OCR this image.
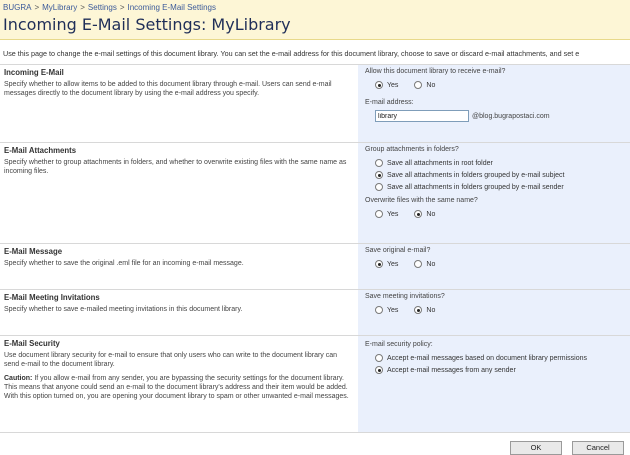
BUGRA > MyLibrary > Settings > Incoming E-Mail Settings
Incoming E-Mail Settings: MyLibrary
Use this page to change the e-mail settings of this document library. You can set the e-mail address for this document library, choose to save or discard e-mail attachments, and set e
Incoming E-Mail
Specify whether to allow items to be added to this document library through e-mail. Users can send e-mail messages directly to the document library by using the e-mail address you specify.
Allow this document library to receive e-mail?
Yes	No
E-mail address:
library
@blog.bugrapostaci.com
E-Mail Attachments
Specify whether to group attachments in folders, and whether to overwrite existing files with the same name as incoming files.
Group attachments in folders?
Save all attachments in root folder
Save all attachments in folders grouped by e-mail subject
Save all attachments in folders grouped by e-mail sender
Overwrite files with the same name?
Yes	No
E-Mail Message
Specify whether to save the original .eml file for an incoming e-mail message.
Save original e-mail?
Yes	No
E-Mail Meeting Invitations
Specify whether to save e-mailed meeting invitations in this document library.
Save meeting invitations?
Yes	No
E-Mail Security
Use document library security for e-mail to ensure that only users who can write to the document library can send e-mail to the document library.
Caution: If you allow e-mail from any sender, you are bypassing the security settings for the document library. This means that anyone could send an e-mail to the document library's address and their item would be added. With this option turned on, you are opening your document library to spam or other unwanted e-mail messages.
E-mail security policy:
Accept e-mail messages based on document library permissions
Accept e-mail messages from any sender
OK	Cancel
